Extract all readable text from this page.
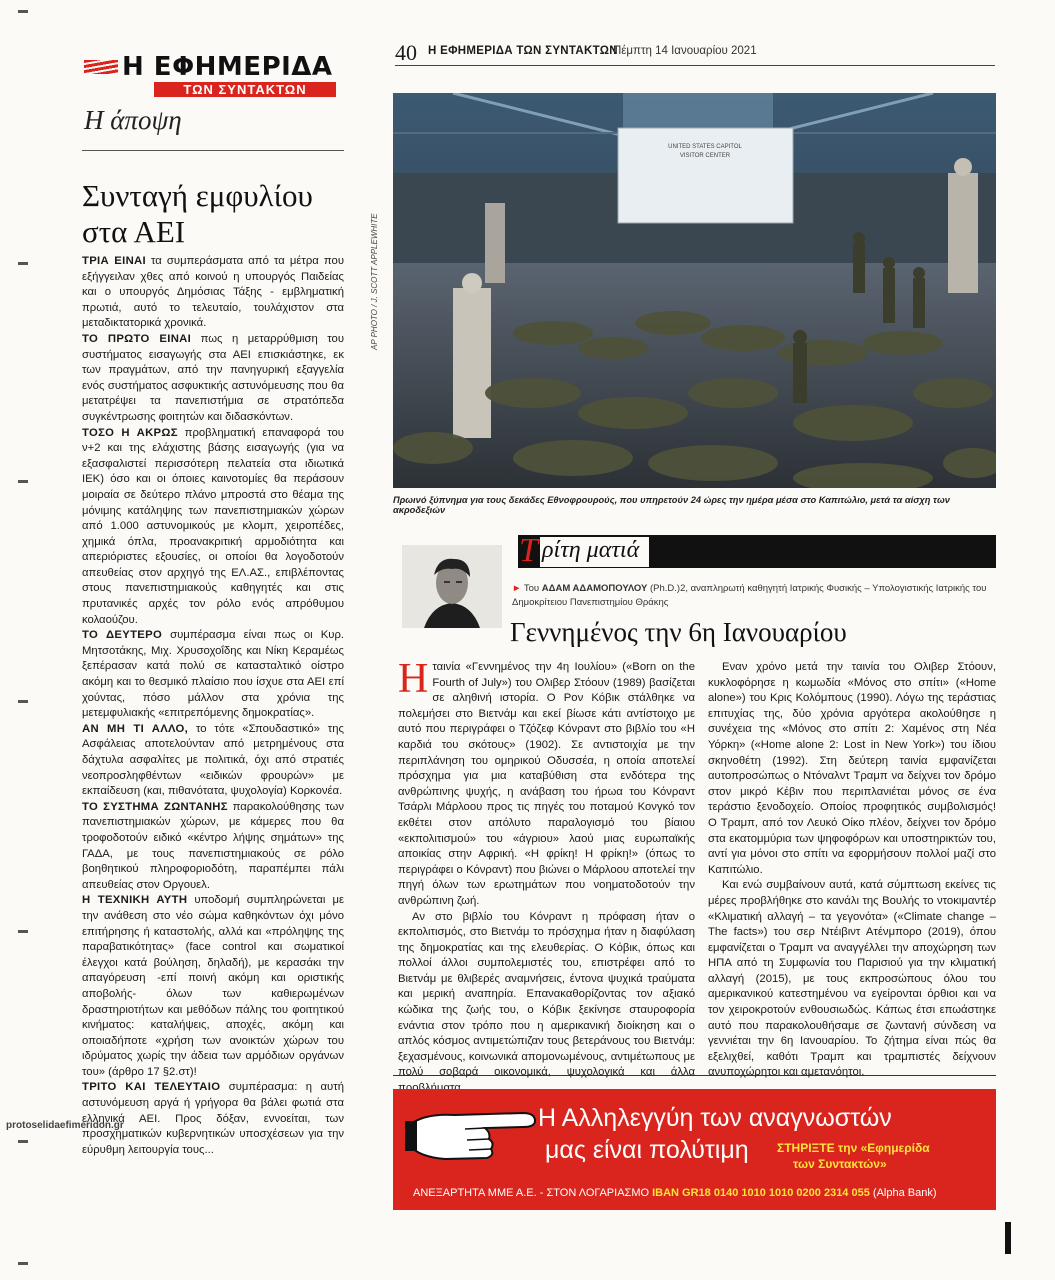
Η ΕΦΗΜΕΡΙΔΑ
ΤΩΝ ΣΥΝΤΑΚΤΩΝ
Η άποψη
Συνταγή εμφυλίου στα ΑΕΙ

ΤΡΙΑ ΕΙΝΑΙ τα συμπεράσματα από τα μέτρα που εξήγγειλαν χθες από κοινού η υπουργός Παιδείας και ο υπουργός Δημόσιας Τάξης - εμβληματική πρωτιά, αυτό το τελευταίο, τουλάχιστον στα μεταδικτατορικά χρονικά.

ΤΟ ΠΡΩΤΟ ΕΙΝΑΙ πως η μεταρρύθμιση του συστήματος εισαγωγής στα ΑΕΙ επισκιάστηκε, εκ των πραγμάτων, από την πανηγυρική εξαγγελία ενός συστήματος ασφυκτικής αστυνόμευσης που θα μετατρέψει τα πανεπιστήμια σε στρατόπεδα συγκέντρωσης φοιτητών και διδασκόντων.

ΤΟΣΟ Η ΑΚΡΩΣ προβληματική επαναφορά του ν+2 και της ελάχιστης βάσης εισαγωγής (για να εξασφαλιστεί περισσότερη πελατεία στα ιδιωτικά ΙΕΚ) όσο και οι όποιες καινοτομίες θα περάσουν μοιραία σε δεύτερο πλάνο μπροστά στο θέαμα της μόνιμης κατάληψης των πανεπιστημιακών χώρων από 1.000 αστυνομικούς με κλομπ, χειροπέδες, χημικά όπλα, προανακριτική αρμοδιότητα και απεριόριστες εξουσίες, οι οποίοι θα λογοδοτούν απευθείας στον αρχηγό της ΕΛ.ΑΣ., επιβλέποντας στους πανεπιστημιακούς καθηγητές και στις πρυτανικές αρχές τον ρόλο ενός απρόθυμου κολαούζου.

ΤΟ ΔΕΥΤΕΡΟ συμπέρασμα είναι πως οι Κυρ. Μητσοτάκης, Μιχ. Χρυσοχοΐδης και Νίκη Κεραμέως ξεπέρασαν κατά πολύ σε κατασταλτικό οίστρο ακόμη και το θεσμικό πλαίσιο που ίσχυε στα ΑΕΙ επί χούντας, πόσο μάλλον στα χρόνια της μετεμφυλιακής «επιτρεπόμενης δημοκρατίας».

ΑΝ ΜΗ ΤΙ ΑΛΛΟ, το τότε «Σπουδαστικό» της Ασφάλειας αποτελούνταν από μετρημένους στα δάχτυλα ασφαλίτες με πολιτικά, όχι από στρατιές νεοπροσληφθέντων «ειδικών φρουρών» με εκπαίδευση (και, πιθανότατα, ψυχολογία) Κορκονέα.

ΤΟ ΣΥΣΤΗΜΑ ΖΩΝΤΑΝΗΣ παρακολούθησης των πανεπιστημιακών χώρων, με κάμερες που θα τροφοδοτούν ειδικό «κέντρο λήψης σημάτων» της ΓΑΔΑ, με τους πανεπιστημιακούς σε ρόλο βοηθητικού πληροφοριοδότη, παραπέμπει πάλι απευθείας στον Οργουελ.

Η ΤΕΧΝΙΚΗ ΑΥΤΗ υποδομή συμπληρώνεται με την ανάθεση στο νέο σώμα καθηκόντων όχι μόνο επιτήρησης ή καταστολής, αλλά και «πρόληψης της παραβατικότητας» (face control και σωματικοί έλεγχοι κατά βούληση, δηλαδή), με κερασάκι την απαγόρευση -επί ποινή ακόμη και οριστικής αποβολής- όλων των καθιερωμένων δραστηριοτήτων και μεθόδων πάλης του φοιτητικού κινήματος: καταλήψεις, αποχές, ακόμη και οποιαδήποτε «χρήση των ανοικτών χώρων του ιδρύματος χωρίς την άδεια των αρμόδιων οργάνων του» (άρθρο 17 §2.στ)!

ΤΡΙΤΟ ΚΑΙ ΤΕΛΕΥΤΑΙΟ συμπέρασμα: η αυτή αστυνόμευση αργά ή γρήγορα θα βάλει φωτιά στα ελληνικά ΑΕΙ. Προς δόξαν, εννοείται, των προσχηματικών κυβερνητικών υποσχέσεων για την εύρυθμη λειτουργία τους...

protoselidaefimeridon.gr
40 Η ΕΦΗΜΕΡΙΔΑ ΤΩΝ ΣΥΝΤΑΚΤΩΝ
Πέμπτη 14 Ιανουαρίου 2021
UNITED STATES CAPITOL
VISITOR CENTER
AP PHOTO / J. SCOTT APPLEWHITE
Πρωινό ξύπνημα για τους δεκάδες Εθνοφρουρούς, που υπηρετούν 24 ώρες την ημέρα μέσα στο Καπιτώλιο, μετά τα αίσχη των ακροδεξιών
ρίτη ματιά
Τ
► Του ΑΔΑΜ ΑΔΑΜΟΠΟΥΛΟΥ (Ph.D.)2, αναπληρωτή καθηγητή Ιατρικής Φυσικής – Υπολογιστικής Ιατρικής του Δημοκρίτειου Πανεπιστημίου Θράκης
Γεννημένος την 6η Ιανουαρίου

Ηταινία «Γεννημένος την 4η Ιουλίου» («Born on the Fourth of July») του Ολιβερ Στόουν (1989) βασίζεται σε αληθινή ιστορία. Ο Ρον Κόβικ στάλθηκε να πολεμήσει στο Βιετνάμ και εκεί βίωσε κάτι αντίστοιχο με αυτό που περιγράφει ο Τζόζεφ Κόνραντ στο βιβλίο του «Η καρδιά του σκότους» (1902). Σε αντιστοιχία με την περιπλάνηση του ομηρικού Οδυσσέα, η οποία αποτελεί πρόσχημα για μια καταβύθιση στα ενδότερα της ανθρώπινης ψυχής, η ανάβαση του ήρωα του Κόνραντ Τσάρλι Μάρλοου προς τις πηγές του ποταμού Κονγκό τον εκθέτει στον απόλυτο παραλογισμό του βίαιου «εκπολιτισμού» του «άγριου» λαού μιας ευρωπαϊκής αποικίας στην Αφρική. «Η φρίκη! Η φρίκη!» (όπως το περιγράφει ο Κόνραντ) που βιώνει ο Μάρλοου αποτελεί την πηγή όλων των ερωτημάτων που νοηματοδοτούν την ανθρώπινη ζωή.

Αν στο βιβλίο του Κόνραντ η πρόφαση ήταν ο εκπολιτισμός, στο Βιετνάμ το πρόσχημα ήταν η διαφύλαση της δημοκρατίας και της ελευθερίας. Ο Κόβικ, όπως και πολλοί άλλοι συμπολεμιστές του, επιστρέφει από το Βιετνάμ με θλιβερές αναμνήσεις, έντονα ψυχικά τραύματα και μερική αναπηρία. Επανακαθορίζοντας τον αξιακό κώδικα της ζωής του, ο Κόβικ ξεκίνησε σταυροφορία ενάντια στον τρόπο που η αμερικανική διοίκηση και ο απλός κόσμος αντιμετώπιζαν τους βετεράνους του Βιετνάμ: ξεχασμένους, κοινωνικά απομονωμένους, αντιμέτωπους με πολύ σοβαρά οικονομικά, ψυχολογικά και άλλα

Εναν χρόνο μετά την ταινία του Ολιβερ Στόουν, κυκλοφόρησε η κωμωδία «Μόνος στο σπίτι» («Home alone») του Κρις Κολόμπους (1990). Λόγω της τεράστιας επιτυχίας της, δύο χρόνια αργότερα ακολούθησε η συνέχεια της «Μόνος στο σπίτι 2: Χαμένος στη Νέα Υόρκη» («Home alone 2: Lost in New York») του ίδιου σκηνοθέτη (1992). Στη δεύτερη ταινία εμφανίζεται αυτοπροσώπως ο Ντόναλντ Τραμπ να δείχνει τον δρόμο στον μικρό Κέβιν που περιπλανιέται μόνος σε ένα τεράστιο ξενοδοχείο. Οποίος προφητικός συμβολισμός! Ο Τραμπ, από τον Λευκό Οίκο πλέον, δείχνει τον δρόμο στα εκατομμύρια των ψηφοφόρων και υποστηρικτών του, αντί για μόνοι στο σπίτι να εφορμήσουν πολλοί μαζί στο Καπιτώλιο.

Και ενώ συμβαίνουν αυτά, κατά σύμπτωση εκείνες τις μέρες προβλήθηκε στο κανάλι της Βουλής το ντοκιμαντέρ «Κλιματική αλλαγή – τα γεγονότα» («Climate change – The facts») του σερ Ντέιβιντ Ατένμπορο (2019), όπου εμφανίζεται ο Τραμπ να αναγγέλλει την αποχώρηση των ΗΠΑ από τη Συμφωνία του Παρισιού για την κλιματική αλλαγή (2015), με τους εκπροσώπους όλου του αμερικανικού κατεστημένου να εγείρονται όρθιοι και να τον χειροκροτούν ενθουσιωδώς. Κάπως έτσι επωάστηκε αυτό που παρακολουθήσαμε σε ζωντανή σύνδεση να γεννιέται την 6η Ιανουαρίου. Το ζήτημα είναι πώς θα εξελιχθεί, καθότι Τραμπ και τραμπιστές δείχνουν ανυποχώρητοι και αμετανόητοι.

Η Αλληλεγγύη των αναγνωστών
μας είναι πολύτιμη ΣΤΗΡΙΞΤΕ την «Εφημερίδα
των Συντακτών»
ΑΝΕΞΑΡΤΗΤΑ ΜΜΕ Α.Ε. - ΣΤΟΝ ΛΟΓΑΡΙΑΣΜΟ IBAN GR18 0140 1010 1010 0200 2314 055 (Alpha Bank)
